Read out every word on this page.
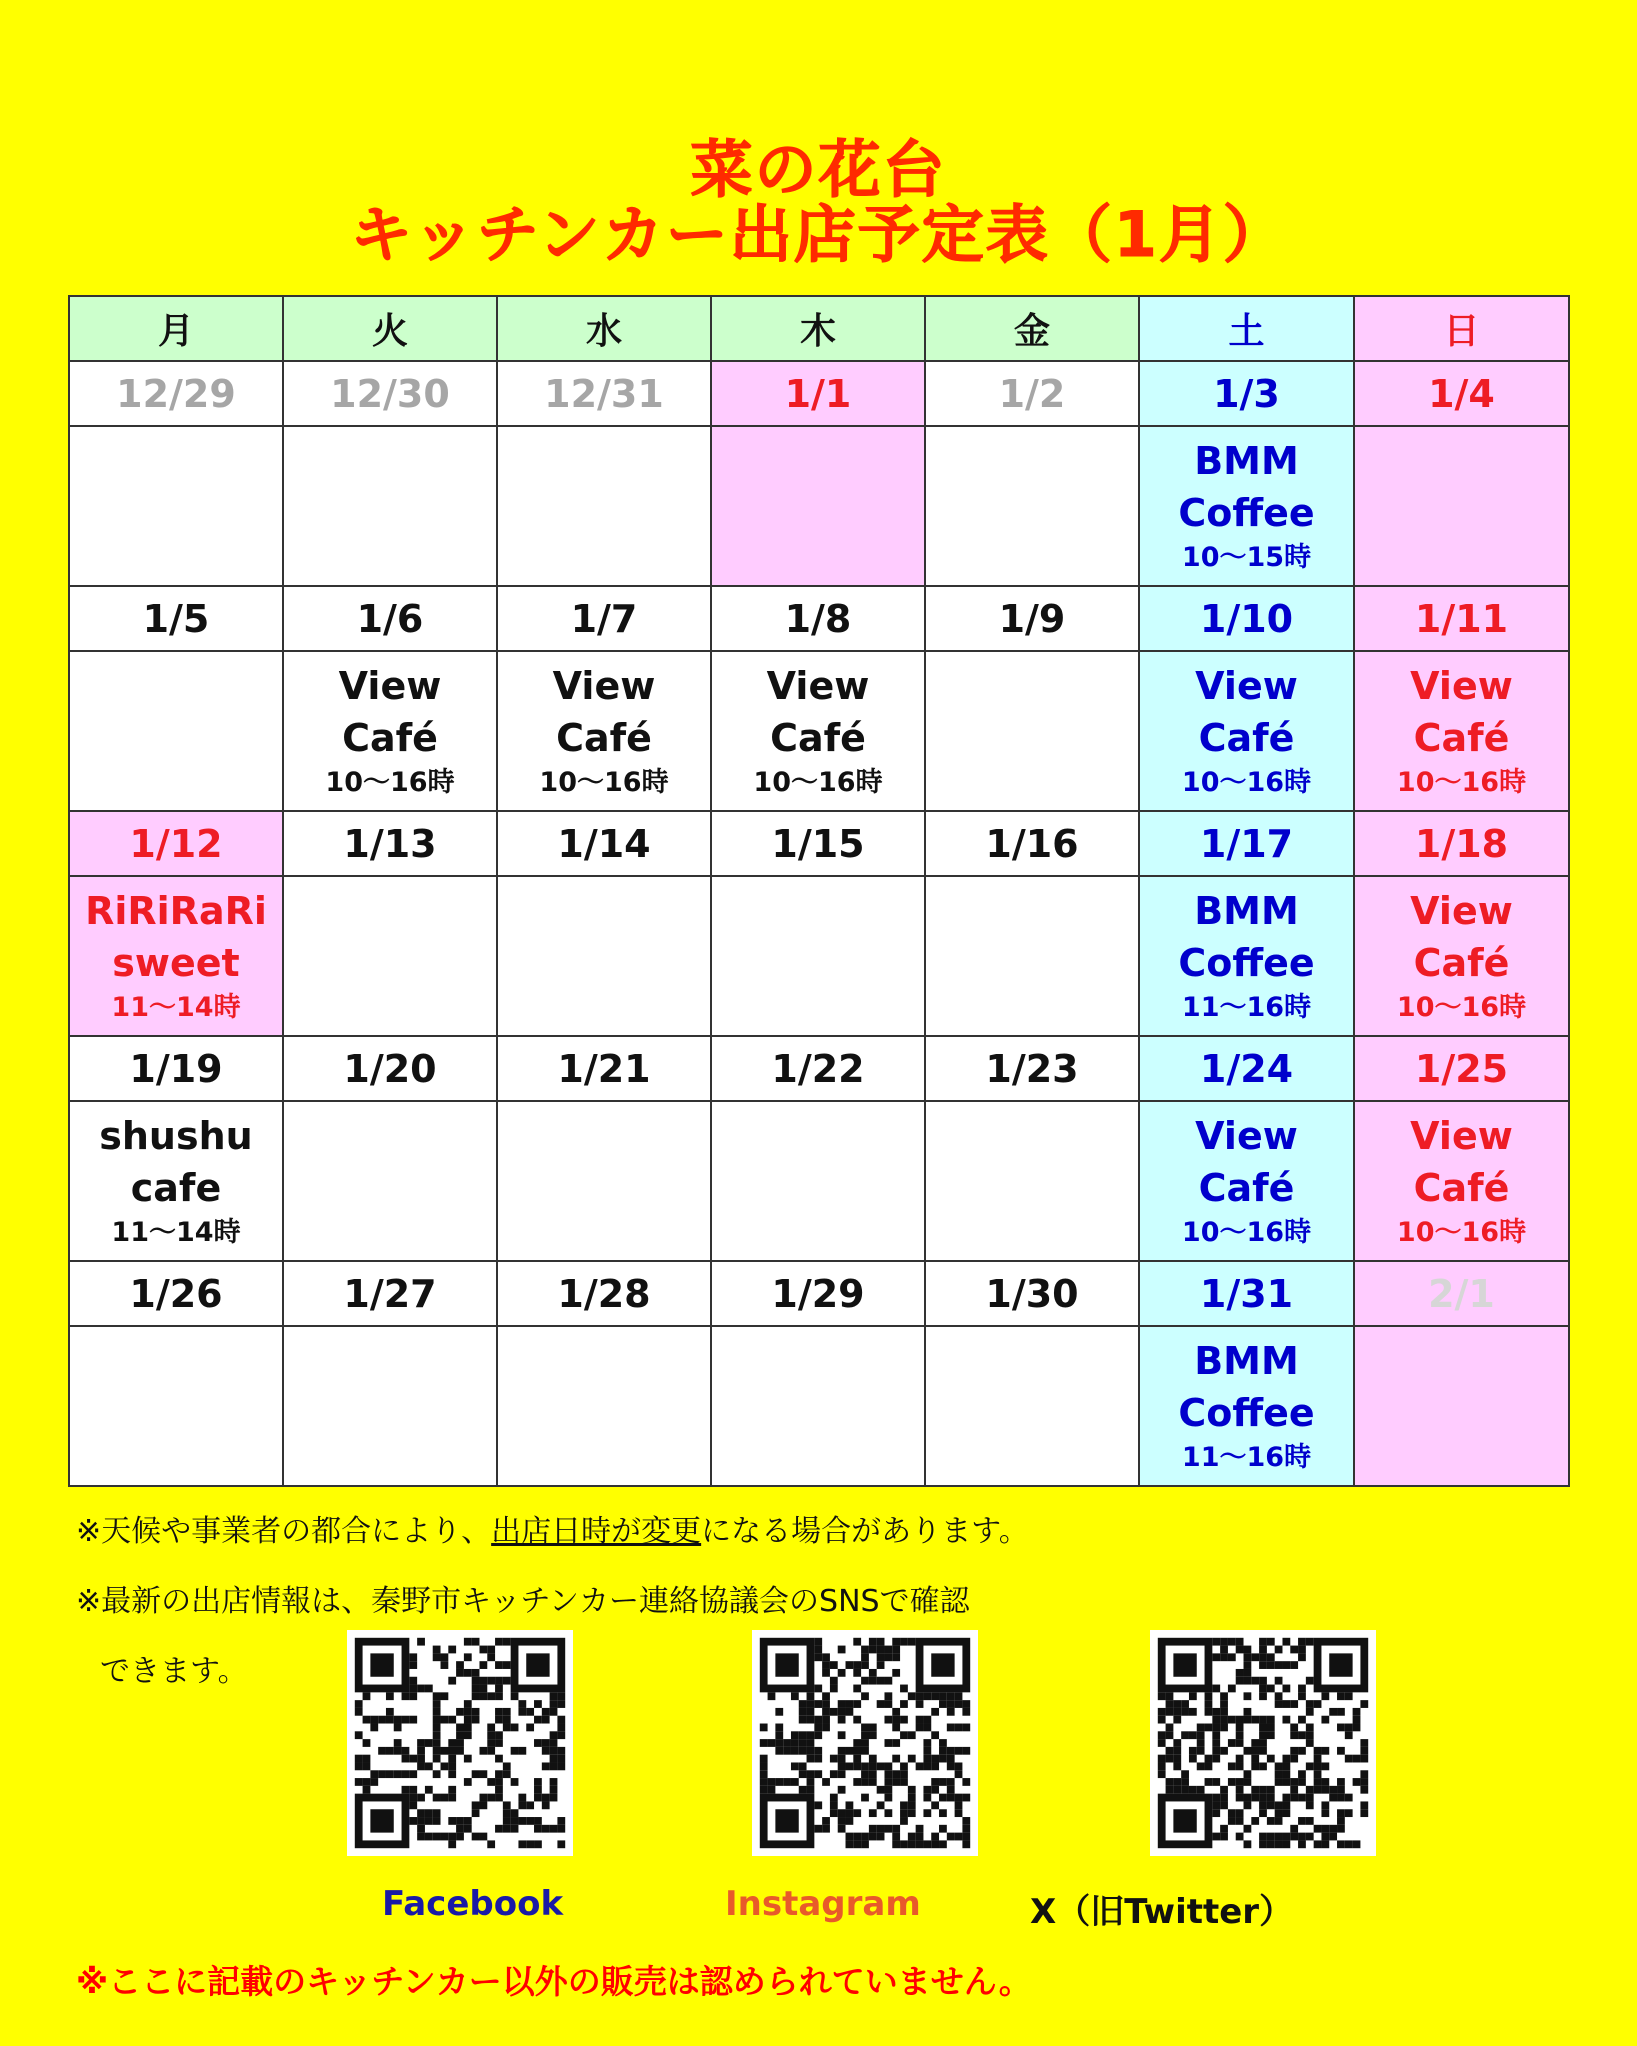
菜の花台
キッチンカー出店予定表（1月）
月	火	水	木	金	土	日
12/29	12/30	12/31	1/1	1/2	1/3	1/4

					BMM
Coffee
10～15時	

1/5	1/6	1/7	1/8	1/9	1/10	1/11

	View
Café
10～16時	View
Café
10～16時	View
Café
10～16時		View
Café
10～16時	View
Café
10～16時

1/12	1/13	1/14	1/15	1/16	1/17	1/18

RiRiRaRi
sweet
11～14時					BMM
Coffee
11～16時	View
Café
10～16時

1/19	1/20	1/21	1/22	1/23	1/24	1/25

shushu
cafe
11～14時					View
Café
10～16時	View
Café
10～16時

1/26	1/27	1/28	1/29	1/30	1/31	2/1

					BMM
Coffee
11～16時	

※天候や事業者の都合により、出店日時が変更になる場合があります。
※最新の出店情報は、秦野市キッチンカー連絡協議会のSNSで確認
できます。
Facebook	Instagram	X（旧Twitter）
※ここに記載のキッチンカー以外の販売は認められていません。
